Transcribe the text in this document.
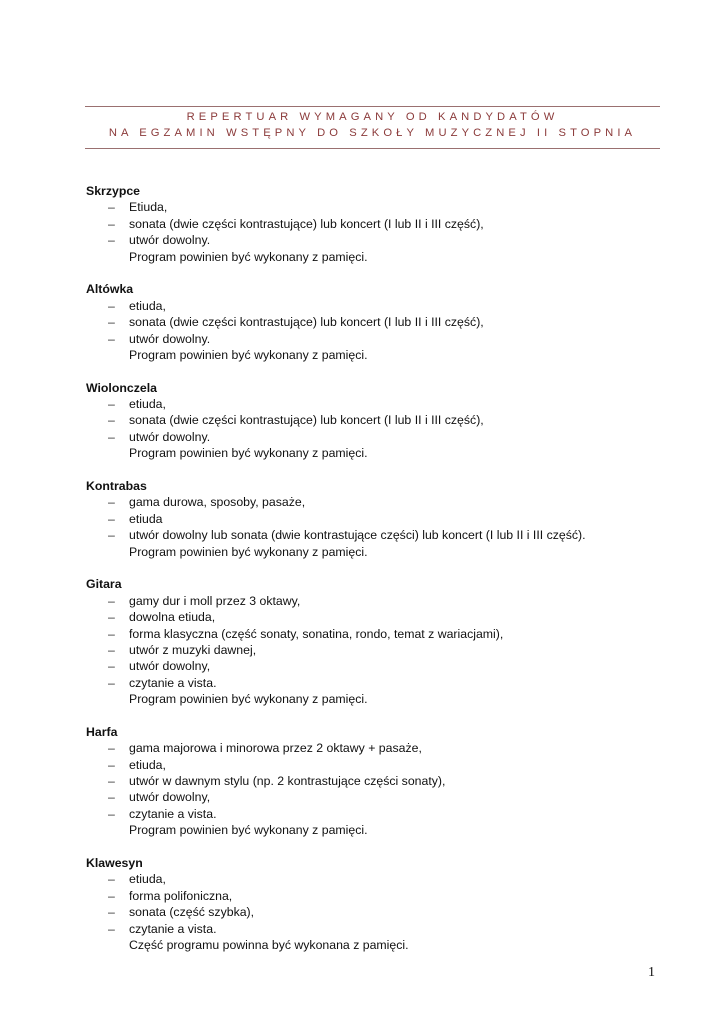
REPERTUAR WYMAGANY OD KANDYDATÓW
NA EGZAMIN WSTĘPNY DO SZKOŁY MUZYCZNEJ II STOPNIA
Skrzypce
– Etiuda,
– sonata (dwie części kontrastujące) lub koncert (I lub II i III część),
– utwór dowolny.
Program powinien być wykonany z pamięci.
Altówka
– etiuda,
– sonata (dwie części kontrastujące) lub koncert (I lub II i III część),
– utwór dowolny.
Program powinien być wykonany z pamięci.
Wiolonczela
– etiuda,
– sonata (dwie części kontrastujące) lub koncert (I lub II i III część),
– utwór dowolny.
Program powinien być wykonany z pamięci.
Kontrabas
– gama durowa, sposoby, pasaże,
– etiuda
– utwór dowolny lub sonata (dwie kontrastujące części) lub koncert (I lub II i III część).
Program powinien być wykonany z pamięci.
Gitara
– gamy dur i moll przez 3 oktawy,
– dowolna etiuda,
– forma klasyczna (część sonaty, sonatina, rondo, temat z wariacjami),
– utwór z muzyki dawnej,
– utwór dowolny,
– czytanie a vista.
Program powinien być wykonany z pamięci.
Harfa
– gama majorowa i minorowa przez 2 oktawy + pasaże,
– etiuda,
– utwór w dawnym stylu (np. 2 kontrastujące części sonaty),
– utwór dowolny,
– czytanie a vista.
Program powinien być wykonany z pamięci.
Klawesyn
– etiuda,
– forma polifoniczna,
– sonata (część szybka),
– czytanie a vista.
Część programu powinna być wykonana z pamięci.
1
